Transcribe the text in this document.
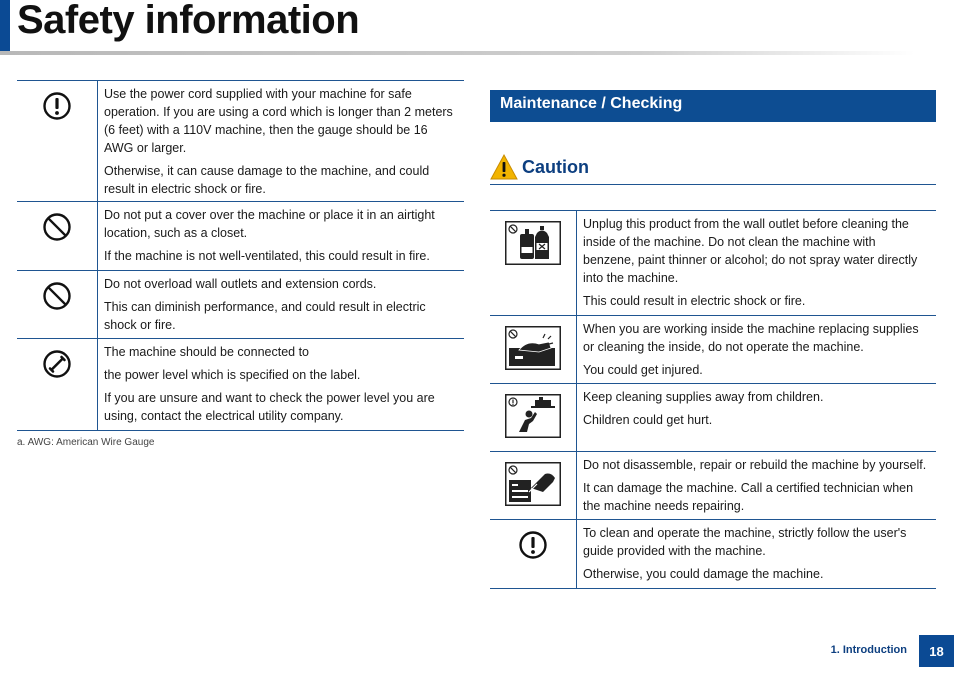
Safety information

Use the power cord supplied with your machine for safe operation. If you are using a cord which is longer than 2 meters (6 feet) with a 110V machine, then the gauge should be 16 AWG or larger.

Otherwise, it can cause damage to the machine, and could result in electric shock or fire.

Do not put a cover over the machine or place it in an airtight location, such as a closet.

If the machine is not well-ventilated, this could result in fire.

Do not overload wall outlets and extension cords.

This can diminish performance, and could result in electric shock or fire.

The machine should be connected to

the power level which is specified on the label.

If you are unsure and want to check the power level you are using, contact the electrical utility company.

a. AWG: American Wire Gauge
Maintenance / Checking
Caution

Unplug this product from the wall outlet before cleaning the inside of the machine. Do not clean the machine with benzene, paint thinner or alcohol; do not spray water directly into the machine.

This could result in electric shock or fire.

When you are working inside the machine replacing supplies or cleaning the inside, do not operate the machine.

You could get injured.

Keep cleaning supplies away from children.

Children could get hurt.

Do not disassemble, repair or rebuild the machine by yourself.

It can damage the machine. Call a certified technician when the machine needs repairing.

To clean and operate the machine, strictly follow the user's guide provided with the machine.

Otherwise, you could damage the machine.

1. Introduction	18
